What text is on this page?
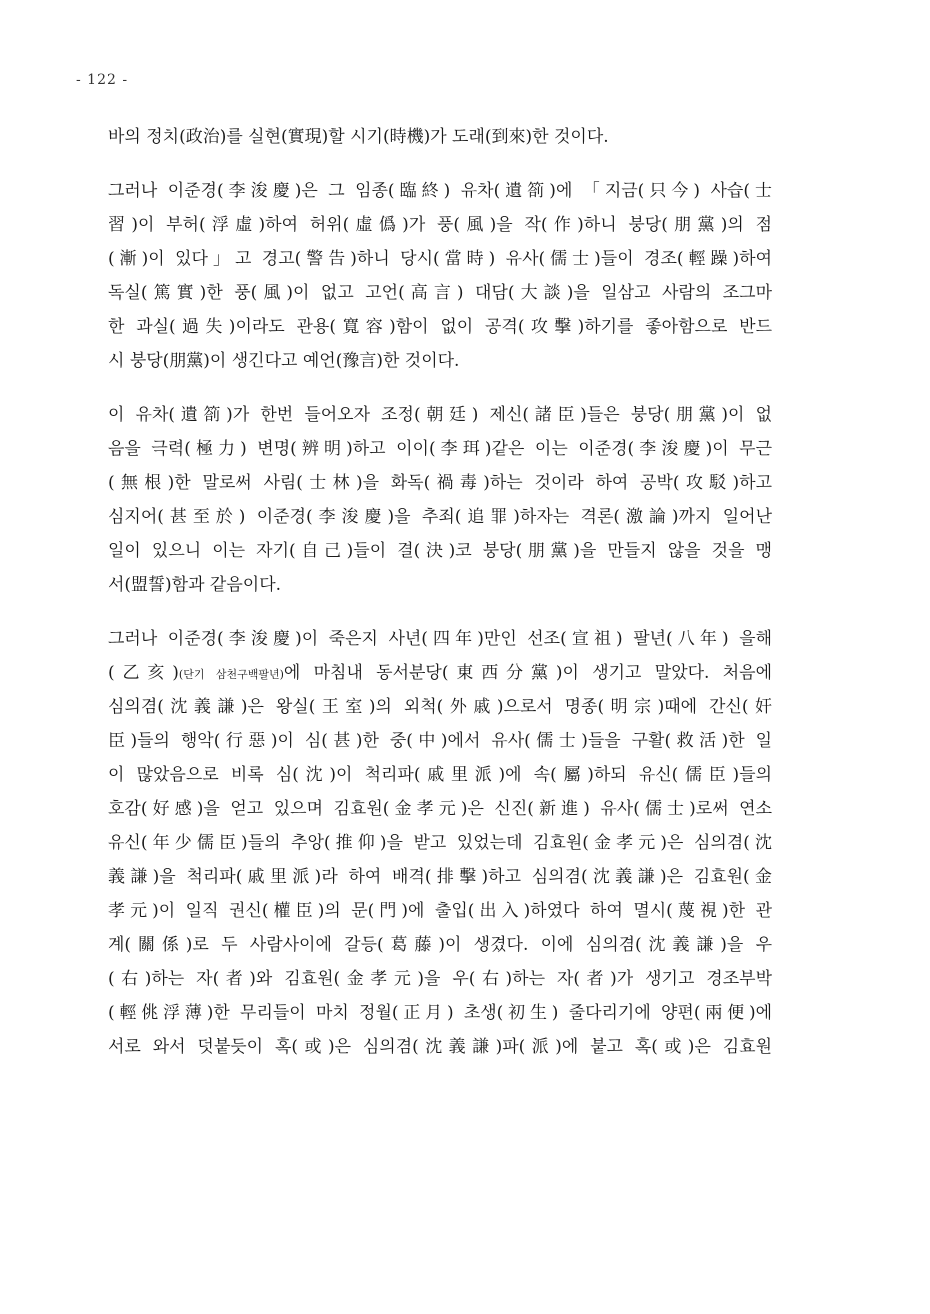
- 122 -
바의 정치(政治)를 실현(實現)할 시기(時機)가 도래(到來)한 것이다.
그러나 이준경(李浚慶)은 그 임종(臨終) 유차(遺箚)에 「지금(只今) 사습(士
習)이 부허(浮虛)하여 허위(虛僞)가 풍(風)을 작(作)하니 붕당(朋黨)의 점
(漸)이 있다」고 경고(警告)하니 당시(當時) 유사(儒士)들이 경조(輕躁)하여
독실(篤實)한 풍(風)이 없고 고언(高言) 대담(大談)을 일삼고 사람의 조그마
한 과실(過失)이라도 관용(寬容)함이 없이 공격(攻擊)하기를 좋아함으로 반드
시 붕당(朋黨)이 생긴다고 예언(豫言)한 것이다.
이 유차(遺箚)가 한번 들어오자 조정(朝廷) 제신(諸臣)들은 붕당(朋黨)이 없
음을 극력(極力) 변명(辨明)하고 이이(李珥)같은 이는 이준경(李浚慶)이 무근
(無根)한 말로써 사림(士林)을 화독(禍毒)하는 것이라 하여 공박(攻駁)하고
심지어(甚至於) 이준경(李浚慶)을 추죄(追罪)하자는 격론(激論)까지 일어난
일이 있으니 이는 자기(自己)들이 결(決)코 붕당(朋黨)을 만들지 않을 것을 맹
서(盟誓)함과 같음이다.
그러나 이준경(李浚慶)이 죽은지 사년(四年)만인 선조(宣祖) 팔년(八年) 을해
(乙亥)(단기 삼천구백팔년)에 마침내 동서분당(東西分黨)이 생기고 말았다. 처음에
심의겸(沈義謙)은 왕실(王室)의 외척(外戚)으로서 명종(明宗)때에 간신(奸
臣)들의 행악(行惡)이 심(甚)한 중(中)에서 유사(儒士)들을 구활(救活)한 일
이 많았음으로 비록 심(沈)이 척리파(戚里派)에 속(屬)하되 유신(儒臣)들의
호감(好感)을 얻고 있으며 김효원(金孝元)은 신진(新進) 유사(儒士)로써 연소
유신(年少儒臣)들의 추앙(推仰)을 받고 있었는데 김효원(金孝元)은 심의겸(沈
義謙)을 척리파(戚里派)라 하여 배격(排擊)하고 심의겸(沈義謙)은 김효원(金
孝元)이 일직 권신(權臣)의 문(門)에 출입(出入)하였다 하여 멸시(蔑視)한 관
계(關係)로 두 사람사이에 갈등(葛藤)이 생겼다. 이에 심의겸(沈義謙)을 우
(右)하는 자(者)와 김효원(金孝元)을 우(右)하는 자(者)가 생기고 경조부박
(輕佻浮薄)한 무리들이 마치 정월(正月) 초생(初生) 줄다리기에 양편(兩便)에
서로 와서 덧붙듯이 혹(或)은 심의겸(沈義謙)파(派)에 붙고 혹(或)은 김효원
